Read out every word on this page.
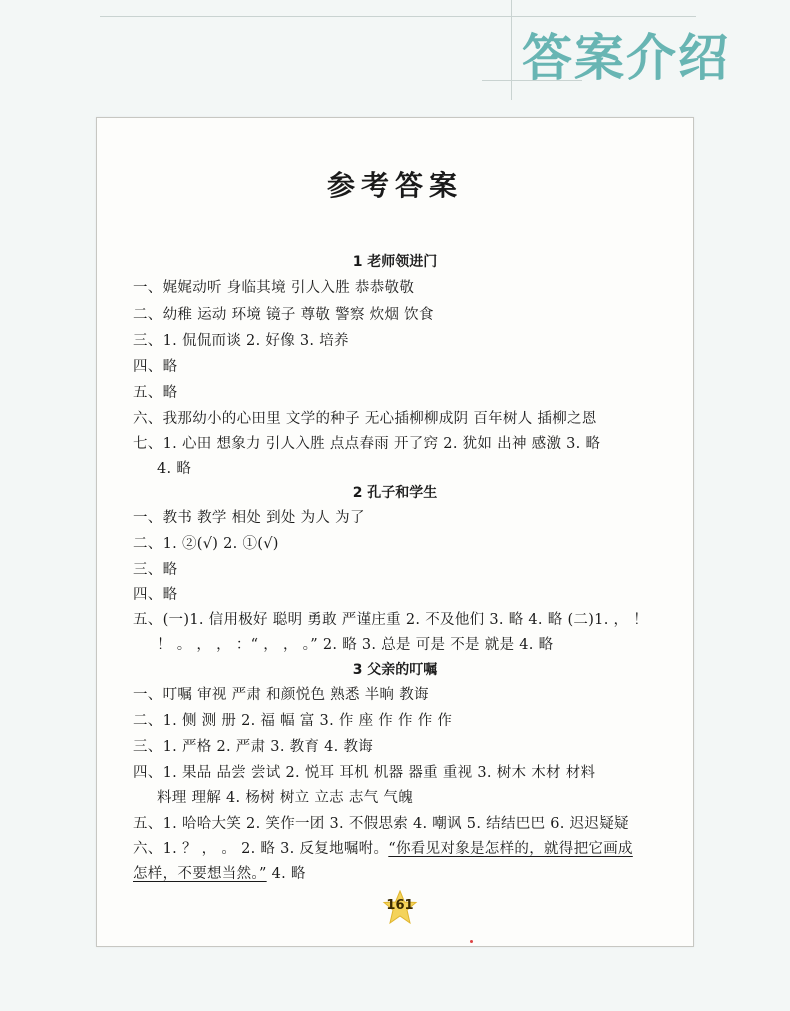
答案介绍
参考答案
1 老师领进门
一、娓娓动听 身临其境 引人入胜 恭恭敬敬
二、幼稚 运动 环境 镜子 尊敬 警察 炊烟 饮食
三、1. 侃侃而谈 2. 好像 3. 培养
四、略
五、略
六、我那幼小的心田里 文学的种子 无心插柳柳成阴 百年树人 插柳之恩
七、1. 心田 想象力 引人入胜 点点春雨 开了窍 2. 犹如 出神 感激 3. 略
4. 略
2 孔子和学生
一、教书 教学 相处 到处 为人 为了
二、1. ②(√) 2. ①(√)
三、略
四、略
五、(一)1. 信用极好 聪明 勇敢 严谨庄重 2. 不及他们 3. 略 4. 略 (二)1. ， ！
！ 。 ， ， ：“ ， ， 。” 2. 略 3. 总是 可是 不是 就是 4. 略
3 父亲的叮嘱
一、叮嘱 审视 严肃 和颜悦色 熟悉 半晌 教诲
二、1. 侧 测 册 2. 福 幅 富 3. 作 座 作 作 作 作
三、1. 严格 2. 严肃 3. 教育 4. 教诲
四、1. 果品 品尝 尝试 2. 悦耳 耳机 机器 器重 重视 3. 树木 木材 材料
料理 理解 4. 杨树 树立 立志 志气 气魄
五、1. 哈哈大笑 2. 笑作一团 3. 不假思索 4. 嘲讽 5. 结结巴巴 6. 迟迟疑疑
六、1. ？ ， 。 2. 略 3. 反复地嘱咐。“你看见对象是怎样的，就得把它画成
怎样，不要想当然。” 4. 略
161
